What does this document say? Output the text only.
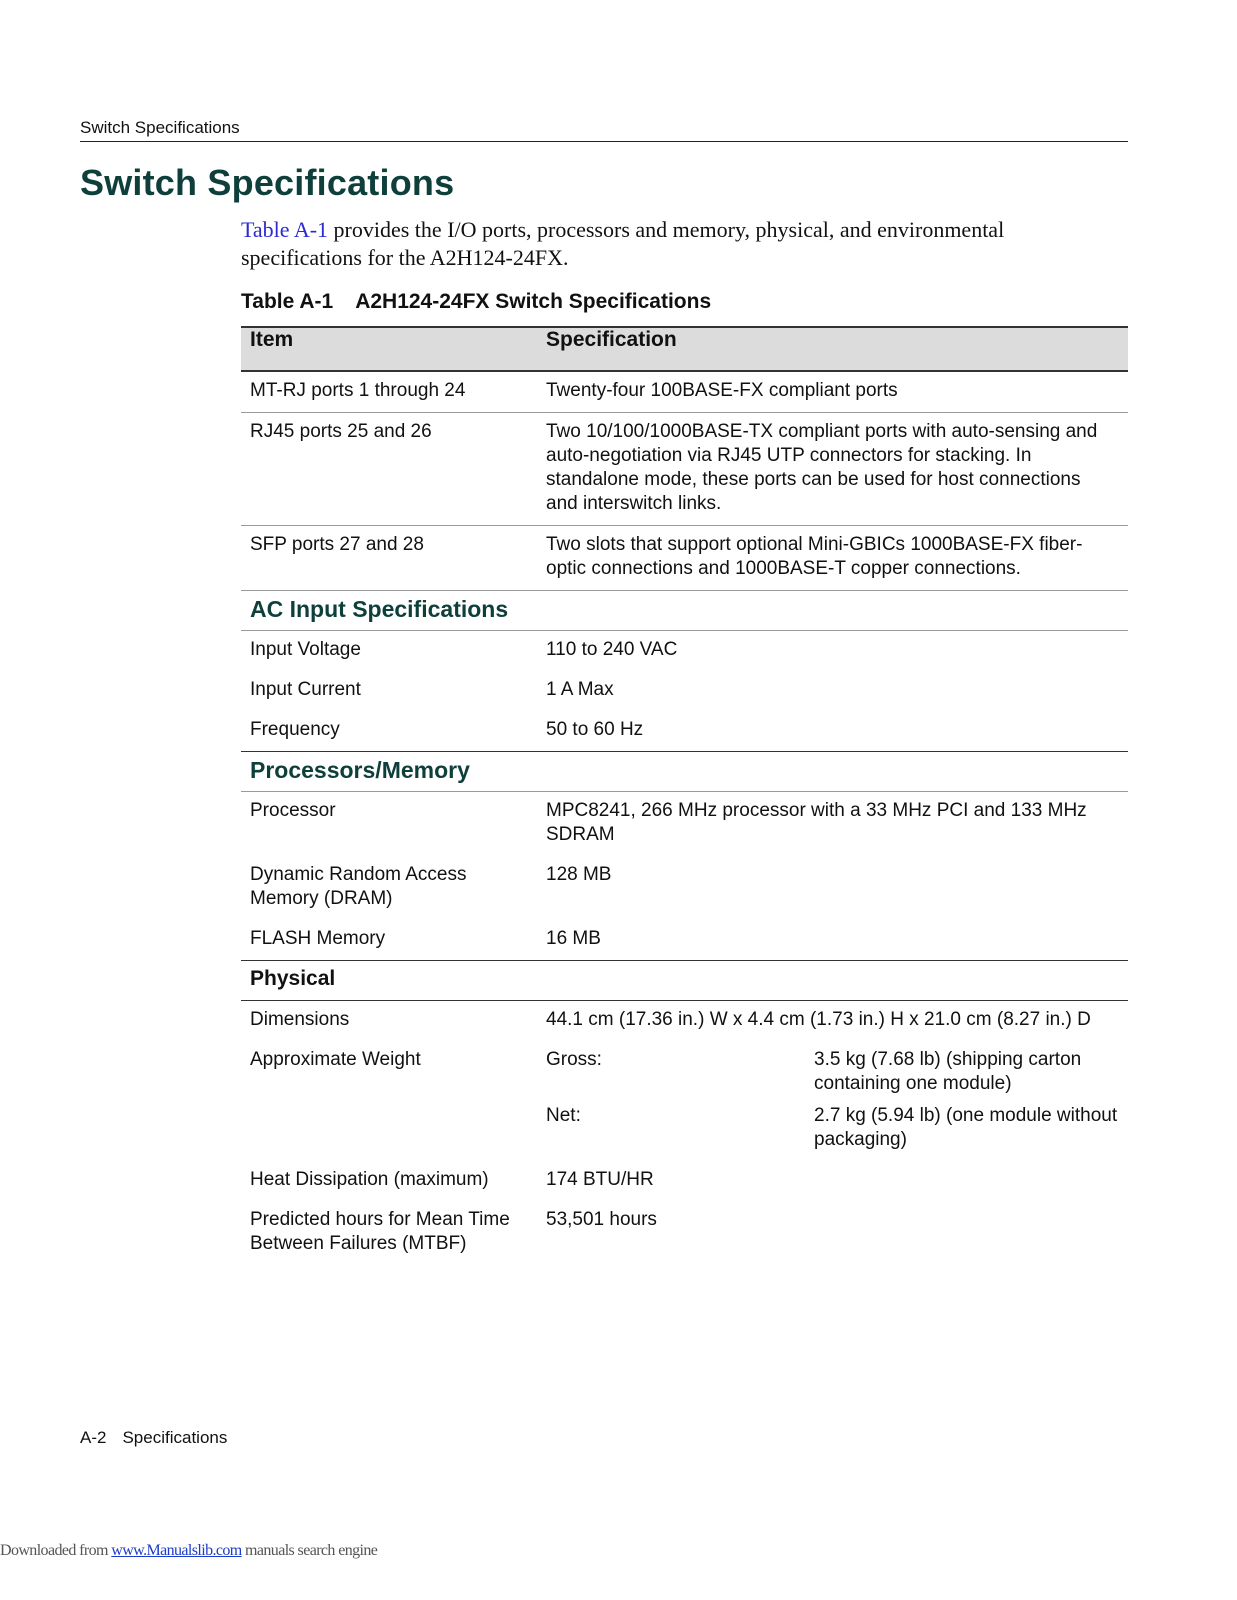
Switch Specifications
Switch Specifications

Table A-1 provides the I/O ports, processors and memory, physical, and environmental specifications for the A2H124-24FX.

Table A-1 A2H124-24FX Switch Specifications
Item	Specification

MT-RJ ports 1 through 24	Twenty-four 100BASE-FX compliant ports

RJ45 ports 25 and 26	Two 10/100/1000BASE-TX compliant ports with auto-sensing and auto-negotiation via RJ45 UTP connectors for stacking. In standalone mode, these ports can be used for host connections and interswitch links.

SFP ports 27 and 28	Two slots that support optional Mini-GBICs 1000BASE-FX fiber-optic connections and 1000BASE-T copper connections.

AC Input Specifications	

Input Voltage	110 to 240 VAC

Input Current	1 A Max

Frequency	50 to 60 Hz

Processors/Memory	

Processor	MPC8241, 266 MHz processor with a 33 MHz PCI and 133 MHz SDRAM

Dynamic Random Access Memory (DRAM)	128 MB

FLASH Memory	16 MB

Physical	

Dimensions	44.1 cm (17.36 in.) W x 4.4 cm (1.73 in.) H x 21.0 cm (8.27 in.) D

Approximate Weight	Gross: 3.5 kg (7.68 lb) (shipping carton containing one module)
Net: 2.7 kg (5.94 lb) (one module without packaging)

Heat Dissipation (maximum)	174 BTU/HR

Predicted hours for Mean Time Between Failures (MTBF)	53,501 hours
A-2 Specifications
Downloaded from www.Manualslib.com manuals search engine
